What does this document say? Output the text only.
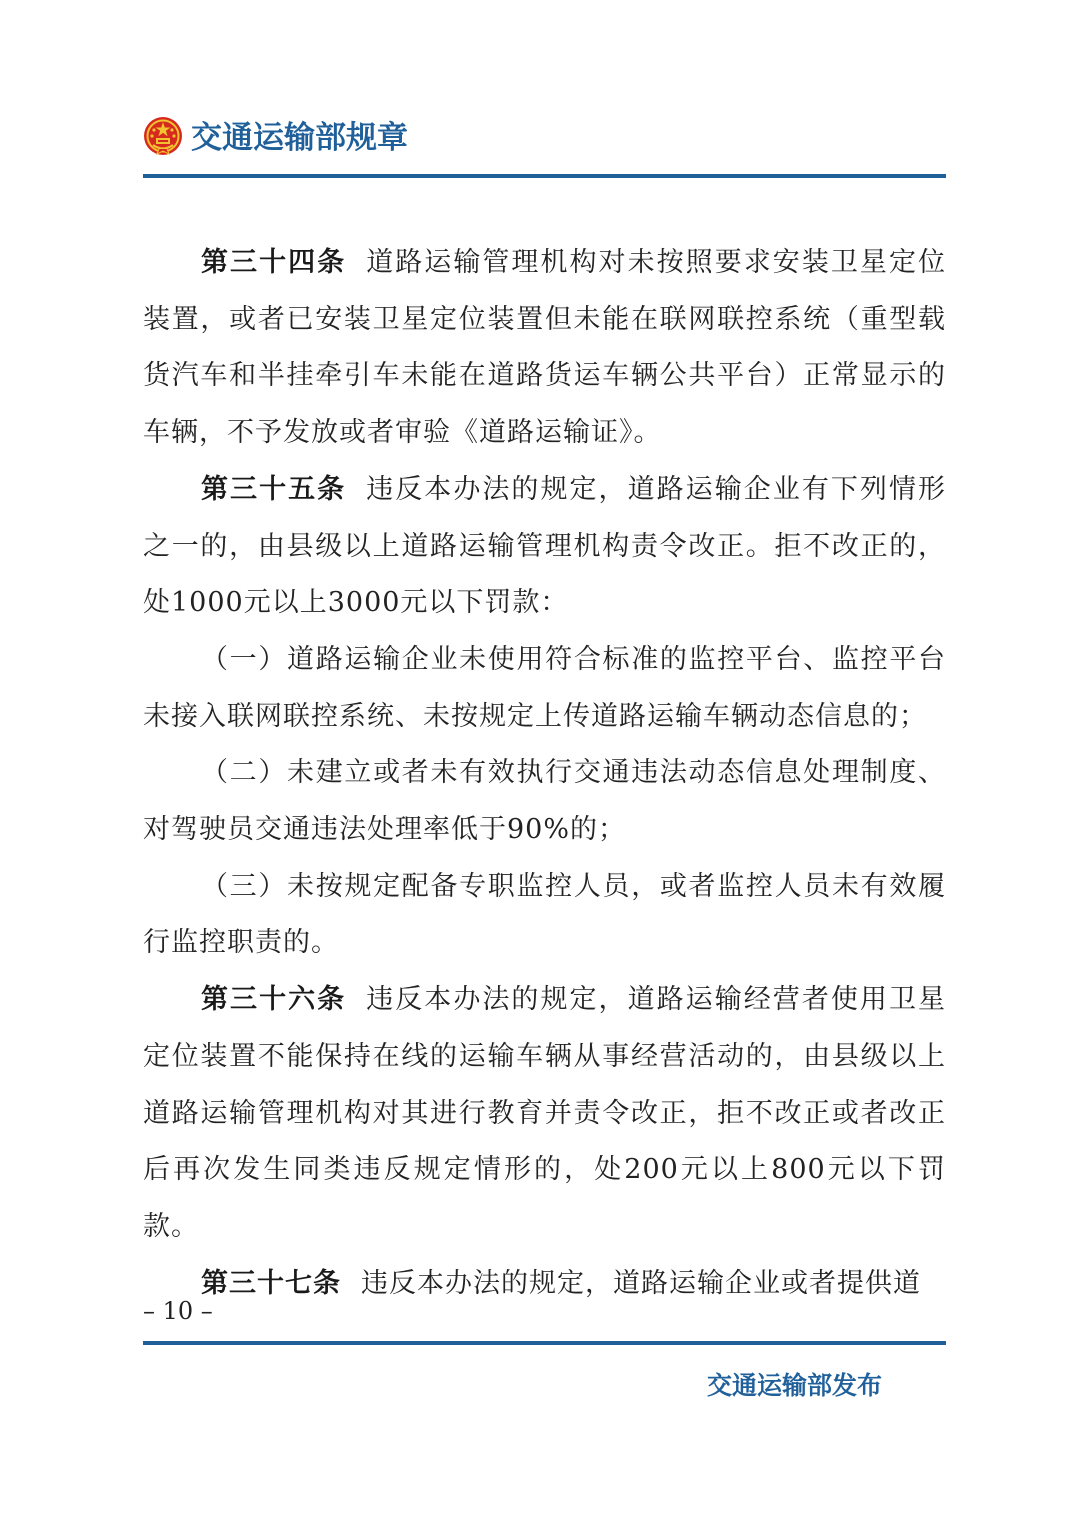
交通运输部规章

第三十四条 道路运输管理机构对未按照要求安装卫星定位装置，或者已安装卫星定位装置但未能在联网联控系统（重型载货汽车和半挂牵引车未能在道路货运车辆公共平台）正常显示的车辆，不予发放或者审验《道路运输证》。

第三十五条 违反本办法的规定，道路运输企业有下列情形之一的，由县级以上道路运输管理机构责令改正。拒不改正的，处1000元以上3000元以下罚款：

（一）道路运输企业未使用符合标准的监控平台、监控平台未接入联网联控系统、未按规定上传道路运输车辆动态信息的；

（二）未建立或者未有效执行交通违法动态信息处理制度、对驾驶员交通违法处理率低于90%的；

（三）未按规定配备专职监控人员，或者监控人员未有效履行监控职责的。

第三十六条 违反本办法的规定，道路运输经营者使用卫星定位装置不能保持在线的运输车辆从事经营活动的，由县级以上道路运输管理机构对其进行教育并责令改正，拒不改正或者改正后再次发生同类违反规定情形的，处200元以上800元以下罚款。

第三十七条 违反本办法的规定，道路运输企业或者提供道

– 10 –
交通运输部发布
